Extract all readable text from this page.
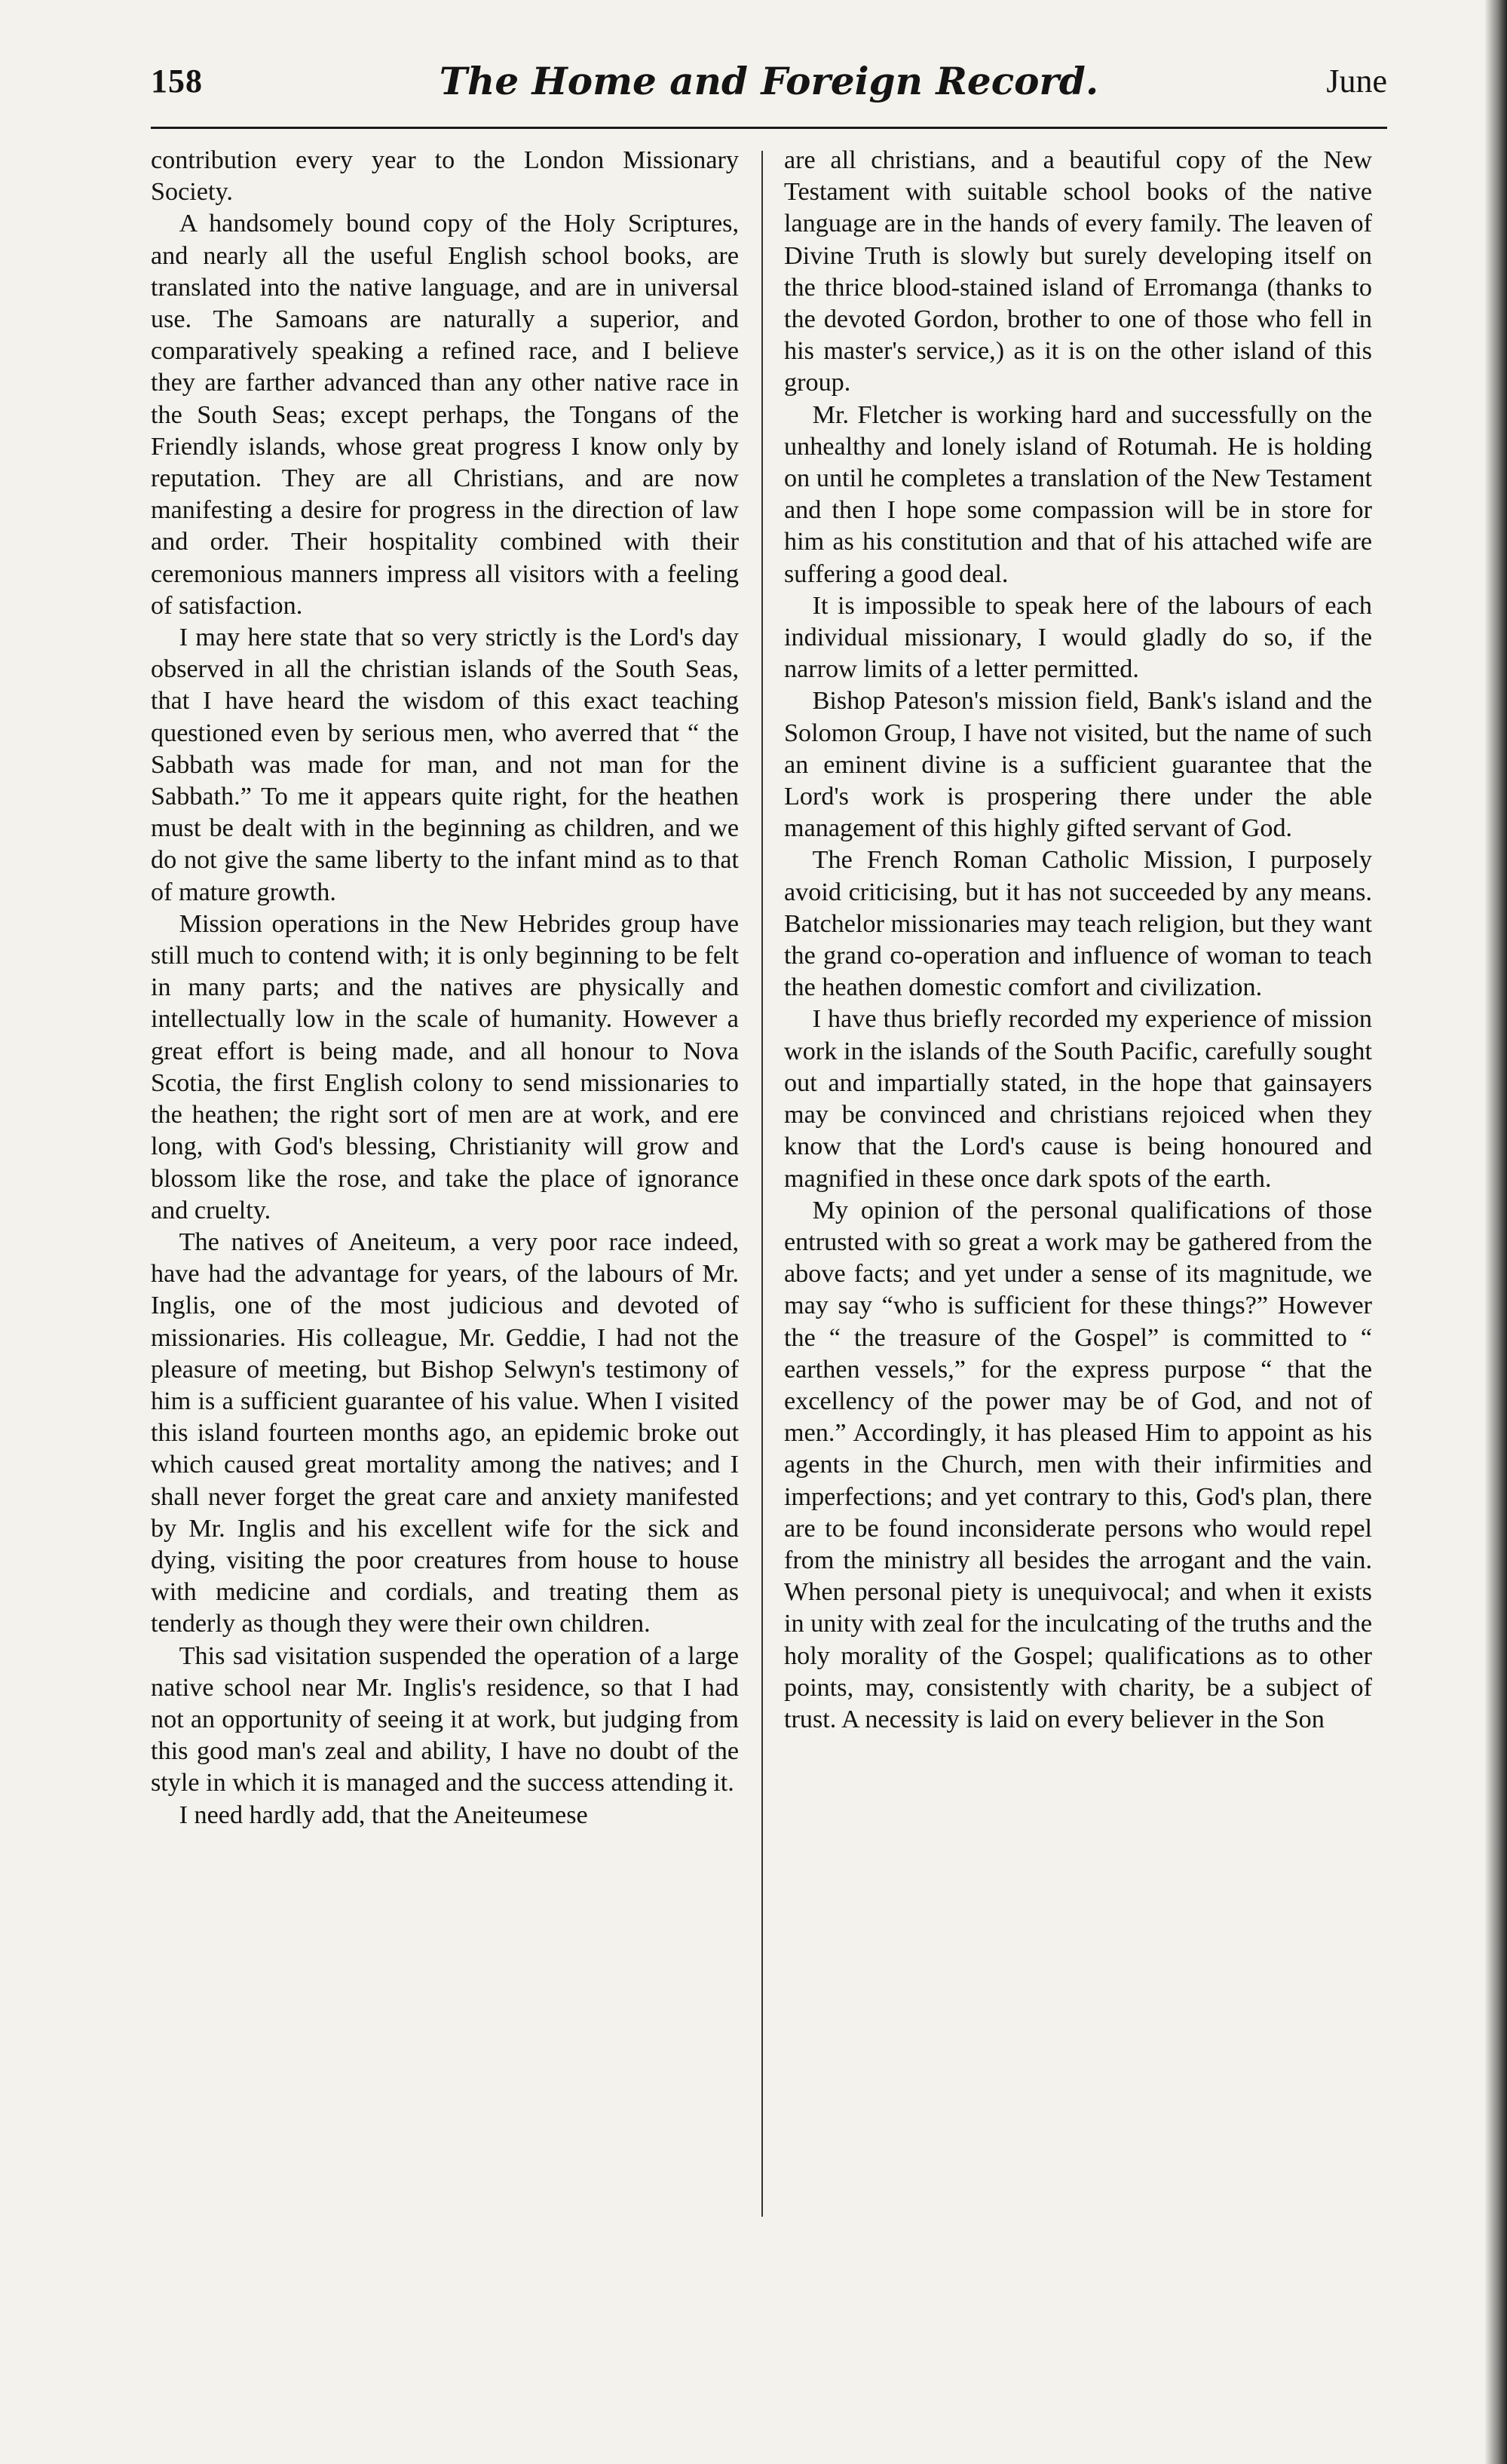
158	The Home and Foreign Record.	June

contribution every year to the London Missionary Society.

A handsomely bound copy of the Holy Scriptures, and nearly all the useful English school books, are translated into the native language, and are in universal use. The Samoans are naturally a superior, and comparatively speaking a refined race, and I believe they are farther advanced than any other native race in the South Seas; except perhaps, the Tongans of the Friendly islands, whose great progress I know only by reputation. They are all Christians, and are now manifesting a desire for progress in the direction of law and order. Their hospitality combined with their ceremonious manners impress all visitors with a feeling of satisfaction.

I may here state that so very strictly is the Lord's day observed in all the christian islands of the South Seas, that I have heard the wisdom of this exact teaching questioned even by serious men, who averred that “ the Sabbath was made for man, and not man for the Sabbath.” To me it appears quite right, for the heathen must be dealt with in the beginning as children, and we do not give the same liberty to the infant mind as to that of mature growth.

Mission operations in the New Hebrides group have still much to contend with; it is only beginning to be felt in many parts; and the natives are physically and intellectually low in the scale of humanity. However a great effort is being made, and all honour to Nova Scotia, the first English colony to send missionaries to the heathen; the right sort of men are at work, and ere long, with God's blessing, Christianity will grow and blossom like the rose, and take the place of ignorance and cruelty.

The natives of Aneiteum, a very poor race indeed, have had the advantage for years, of the labours of Mr. Inglis, one of the most judicious and devoted of missionaries. His colleague, Mr. Geddie, I had not the pleasure of meeting, but Bishop Selwyn's testimony of him is a sufficient guarantee of his value. When I visited this island fourteen months ago, an epidemic broke out which caused great mortality among the natives; and I shall never forget the great care and anxiety manifested by Mr. Inglis and his excellent wife for the sick and dying, visiting the poor creatures from house to house with medicine and cordials, and treating them as tenderly as though they were their own children.

This sad visitation suspended the operation of a large native school near Mr. Inglis's residence, so that I had not an opportunity of seeing it at work, but judging from this good man's zeal and ability, I have no doubt of the style in which it is managed and the success attending it.

I need hardly add, that the Aneiteumese

are all christians, and a beautiful copy of the New Testament with suitable school books of the native language are in the hands of every family. The leaven of Divine Truth is slowly but surely developing itself on the thrice blood-stained island of Erromanga (thanks to the devoted Gordon, brother to one of those who fell in his master's service,) as it is on the other island of this group.

Mr. Fletcher is working hard and successfully on the unhealthy and lonely island of Rotumah. He is holding on until he completes a translation of the New Testament and then I hope some compassion will be in store for him as his constitution and that of his attached wife are suffering a good deal.

It is impossible to speak here of the labours of each individual missionary, I would gladly do so, if the narrow limits of a letter permitted.

Bishop Pateson's mission field, Bank's island and the Solomon Group, I have not visited, but the name of such an eminent divine is a sufficient guarantee that the Lord's work is prospering there under the able management of this highly gifted servant of God.

The French Roman Catholic Mission, I purposely avoid criticising, but it has not succeeded by any means. Batchelor missionaries may teach religion, but they want the grand co-operation and influence of woman to teach the heathen domestic comfort and civilization.

I have thus briefly recorded my experience of mission work in the islands of the South Pacific, carefully sought out and impartially stated, in the hope that gainsayers may be convinced and christians rejoiced when they know that the Lord's cause is being honoured and magnified in these once dark spots of the earth.

My opinion of the personal qualifications of those entrusted with so great a work may be gathered from the above facts; and yet under a sense of its magnitude, we may say “who is sufficient for these things?” However the “ the treasure of the Gospel” is committed to “ earthen vessels,” for the express purpose “ that the excellency of the power may be of God, and not of men.” Accordingly, it has pleased Him to appoint as his agents in the Church, men with their infirmities and imperfections; and yet contrary to this, God's plan, there are to be found inconsiderate persons who would repel from the ministry all besides the arrogant and the vain. When personal piety is unequivocal; and when it exists in unity with zeal for the inculcating of the truths and the holy morality of the Gospel; qualifications as to other points, may, consistently with charity, be a subject of trust. A necessity is laid on every believer in the Son
